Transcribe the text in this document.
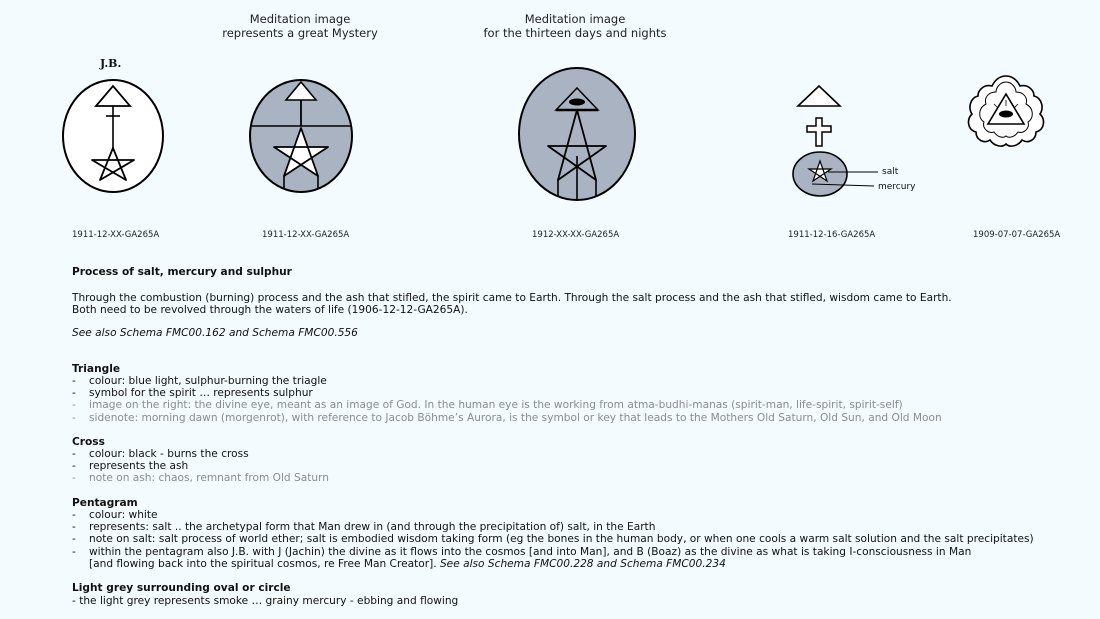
J.B.
1911-12-XX-GA265A
Meditation image
represents a great Mystery
1911-12-XX-GA265A
Meditation image
for the thirteen days and nights
1912-XX-XX-GA265A
salt
mercury
1911-12-16-GA265A	1909-07-07-GA265A
Process of salt, mercury and sulphur
Through the combustion (burning) process and the ash that stifled, the spirit came to Earth. Through the salt process and the ash that stifled, wisdom came to Earth.
Both need to be revolved through the waters of life (1906-12-12-GA265A).
See also Schema FMC00.162 and Schema FMC00.556
Triangle
- colour: blue light, sulphur-burning the triagle
- symbol for the spirit … represents sulphur
- image on the right: the divine eye, meant as an image of God. In the human eye is the working from atma-budhi-manas (spirit-man, life-spirit, spirit-self)
- sidenote: morning dawn (morgenrot), with reference to Jacob Böhme’s Aurora, is the symbol or key that leads to the Mothers Old Saturn, Old Sun, and Old Moon
Cross
- colour: black - burns the cross
- represents the ash
- note on ash: chaos, remnant from Old Saturn
Pentagram
- colour: white
- represents: salt .. the archetypal form that Man drew in (and through the precipitation of) salt, in the Earth
- note on salt: salt process of world ether; salt is embodied wisdom taking form (eg the bones in the human body, or when one cools a warm salt solution and the salt precipitates)
- within the pentagram also J.B. with J (Jachin) the divine as it flows into the cosmos [and into Man], and B (Boaz) as the divine as what is taking I-consciousness in Man
[and flowing back into the spiritual cosmos, re Free Man Creator]. See also Schema FMC00.228 and Schema FMC00.234
Light grey surrounding oval or circle
- the light grey represents smoke … grainy mercury - ebbing and flowing
